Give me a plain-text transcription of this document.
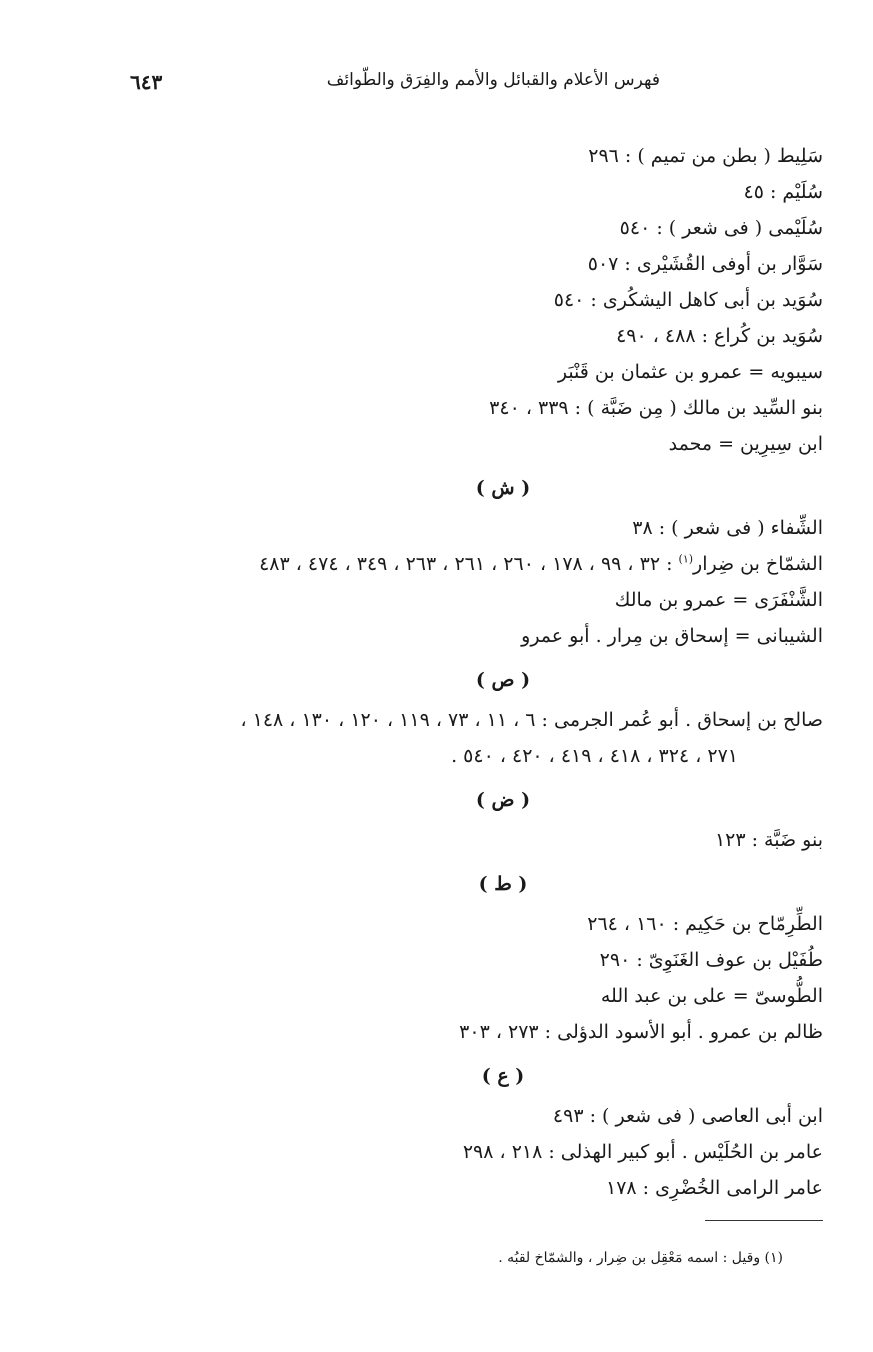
فهرس الأعلام والقبائل والأمم والفِرَق والطّوائف
٦٤٣
سَلِيط ( بطن من تميم ) : ٢٩٦
سُلَيْم : ٤٥
سُلَيْمى ( فى شعر ) : ٥٤٠
سَوَّار بن أوفى القُشَيْرى : ٥٠٧
سُوَيد بن أبى كاهل اليشكُرى : ٥٤٠
سُوَيد بن كُراع : ٤٨٨ ، ٤٩٠
سيبويه = عمرو بن عثمان بن قَنْبَر
بنو السِّيد بن مالك ( مِن ضَبَّة ) : ٣٣٩ ، ٣٤٠
ابن سِيرِين = محمد
( ش )
الشِّفاء ( فى شعر ) : ٣٨
الشمّاخ بن ضِرار$^{(١)}$ : ٣٢ ، ٩٩ ، ١٧٨ ، ٢٦٠ ، ٢٦١ ، ٢٦٣ ، ٣٤٩ ، ٤٧٤ ، ٤٨٣
الشَّنْفَرَى = عمرو بن مالك
الشيبانى = إسحاق بن مِرار . أبو عمرو
( ص )
صالح بن إسحاق . أبو عُمر الجرمى : ٦ ، ١١ ، ٧٣ ، ١١٩ ، ١٢٠ ، ١٣٠ ، ١٤٨ ،
٢٧١ ، ٣٢٤ ، ٤١٨ ، ٤١٩ ، ٤٢٠ ، ٥٤٠ .
( ض )
بنو ضَبَّة : ١٢٣
( ط )
الطِّرِمّاح بن حَكِيم : ١٦٠ ، ٢٦٤
طُفَيْل بن عوف الغَنَوِىّ : ٢٩٠
الطُّوسىّ = على بن عبد الله
ظالم بن عمرو . أبو الأسود الدؤلى : ٢٧٣ ، ٣٠٣
( ع )
ابن أبى العاصى ( فى شعر ) : ٤٩٣
عامر بن الحُلَيْس . أبو كبير الهذلى : ٢١٨ ، ٢٩٨
عامر الرامى الخُضْرِى : ١٧٨
(١) وقيل : اسمه مَعْقِل بن ضِرار ، والشمّاخ لقبُه .
